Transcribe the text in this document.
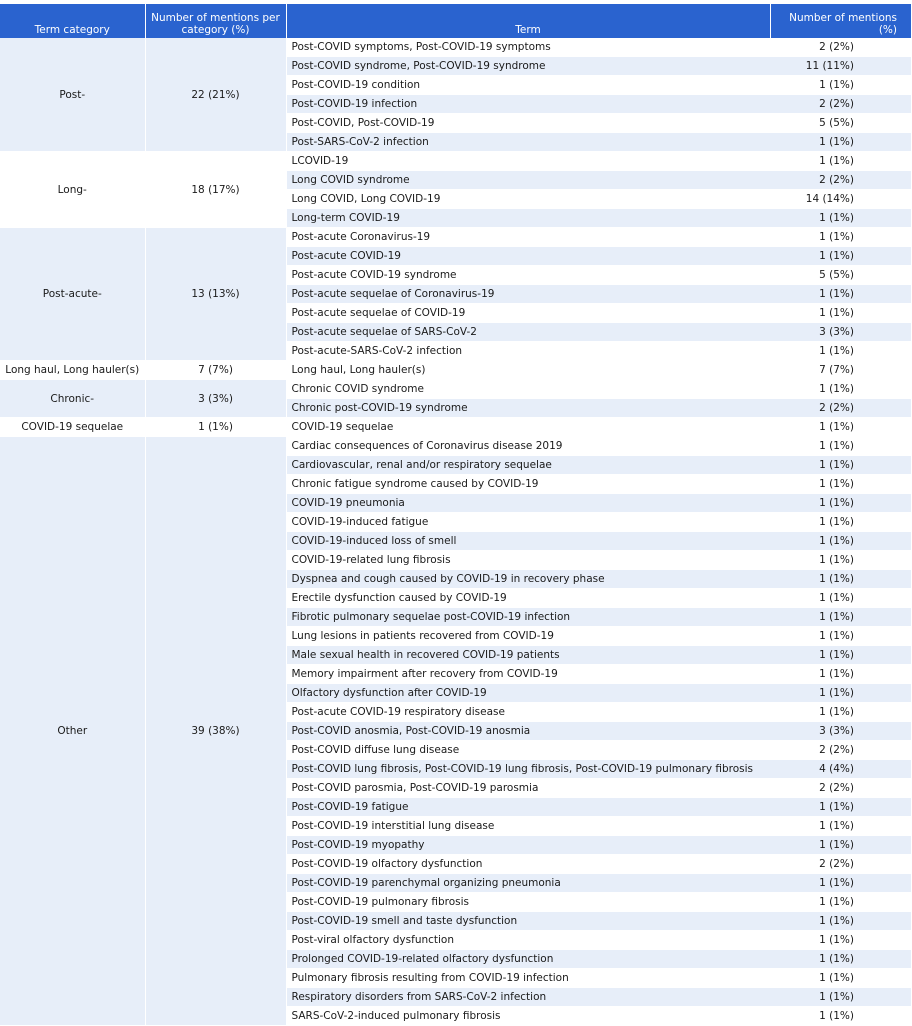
Term category	Number of mentions per category (%)	Term	Number of mentions (%)
Post-	22 (21%)	Post-COVID symptoms, Post-COVID-19 symptoms	2 (2%)
		Post-COVID syndrome, Post-COVID-19 syndrome	11 (11%)
		Post-COVID-19 condition	1 (1%)
		Post-COVID-19 infection	2 (2%)
		Post-COVID, Post-COVID-19	5 (5%)
		Post-SARS-CoV-2 infection	1 (1%)
Long-	18 (17%)	LCOVID-19	1 (1%)
		Long COVID syndrome	2 (2%)
		Long COVID, Long COVID-19	14 (14%)
		Long-term COVID-19	1 (1%)
Post-acute-	13 (13%)	Post-acute Coronavirus-19	1 (1%)
		Post-acute COVID-19	1 (1%)
		Post-acute COVID-19 syndrome	5 (5%)
		Post-acute sequelae of Coronavirus-19	1 (1%)
		Post-acute sequelae of COVID-19	1 (1%)
		Post-acute sequelae of SARS-CoV-2	3 (3%)
		Post-acute-SARS-CoV-2 infection	1 (1%)
Long haul, Long hauler(s)	7 (7%)	Long haul, Long hauler(s)	7 (7%)
Chronic-	3 (3%)	Chronic COVID syndrome	1 (1%)
		Chronic post-COVID-19 syndrome	2 (2%)
COVID-19 sequelae	1 (1%)	COVID-19 sequelae	1 (1%)
Other	39 (38%)	Cardiac consequences of Coronavirus disease 2019	1 (1%)
		Cardiovascular, renal and/or respiratory sequelae	1 (1%)
		Chronic fatigue syndrome caused by COVID-19	1 (1%)
		COVID-19 pneumonia	1 (1%)
		COVID-19-induced fatigue	1 (1%)
		COVID-19-induced loss of smell	1 (1%)
		COVID-19-related lung fibrosis	1 (1%)
		Dyspnea and cough caused by COVID-19 in recovery phase	1 (1%)
		Erectile dysfunction caused by COVID-19	1 (1%)
		Fibrotic pulmonary sequelae post-COVID-19 infection	1 (1%)
		Lung lesions in patients recovered from COVID-19	1 (1%)
		Male sexual health in recovered COVID-19 patients	1 (1%)
		Memory impairment after recovery from COVID-19	1 (1%)
		Olfactory dysfunction after COVID-19	1 (1%)
		Post-acute COVID-19 respiratory disease	1 (1%)
		Post-COVID anosmia, Post-COVID-19 anosmia	3 (3%)
		Post-COVID diffuse lung disease	2 (2%)
		Post-COVID lung fibrosis, Post-COVID-19 lung fibrosis, Post-COVID-19 pulmonary fibrosis	4 (4%)
		Post-COVID parosmia, Post-COVID-19 parosmia	2 (2%)
		Post-COVID-19 fatigue	1 (1%)
		Post-COVID-19 interstitial lung disease	1 (1%)
		Post-COVID-19 myopathy	1 (1%)
		Post-COVID-19 olfactory dysfunction	2 (2%)
		Post-COVID-19 parenchymal organizing pneumonia	1 (1%)
		Post-COVID-19 pulmonary fibrosis	1 (1%)
		Post-COVID-19 smell and taste dysfunction	1 (1%)
		Post-viral olfactory dysfunction	1 (1%)
		Prolonged COVID-19-related olfactory dysfunction	1 (1%)
		Pulmonary fibrosis resulting from COVID-19 infection	1 (1%)
		Respiratory disorders from SARS-CoV-2 infection	1 (1%)
		SARS-CoV-2-induced pulmonary fibrosis	1 (1%)
